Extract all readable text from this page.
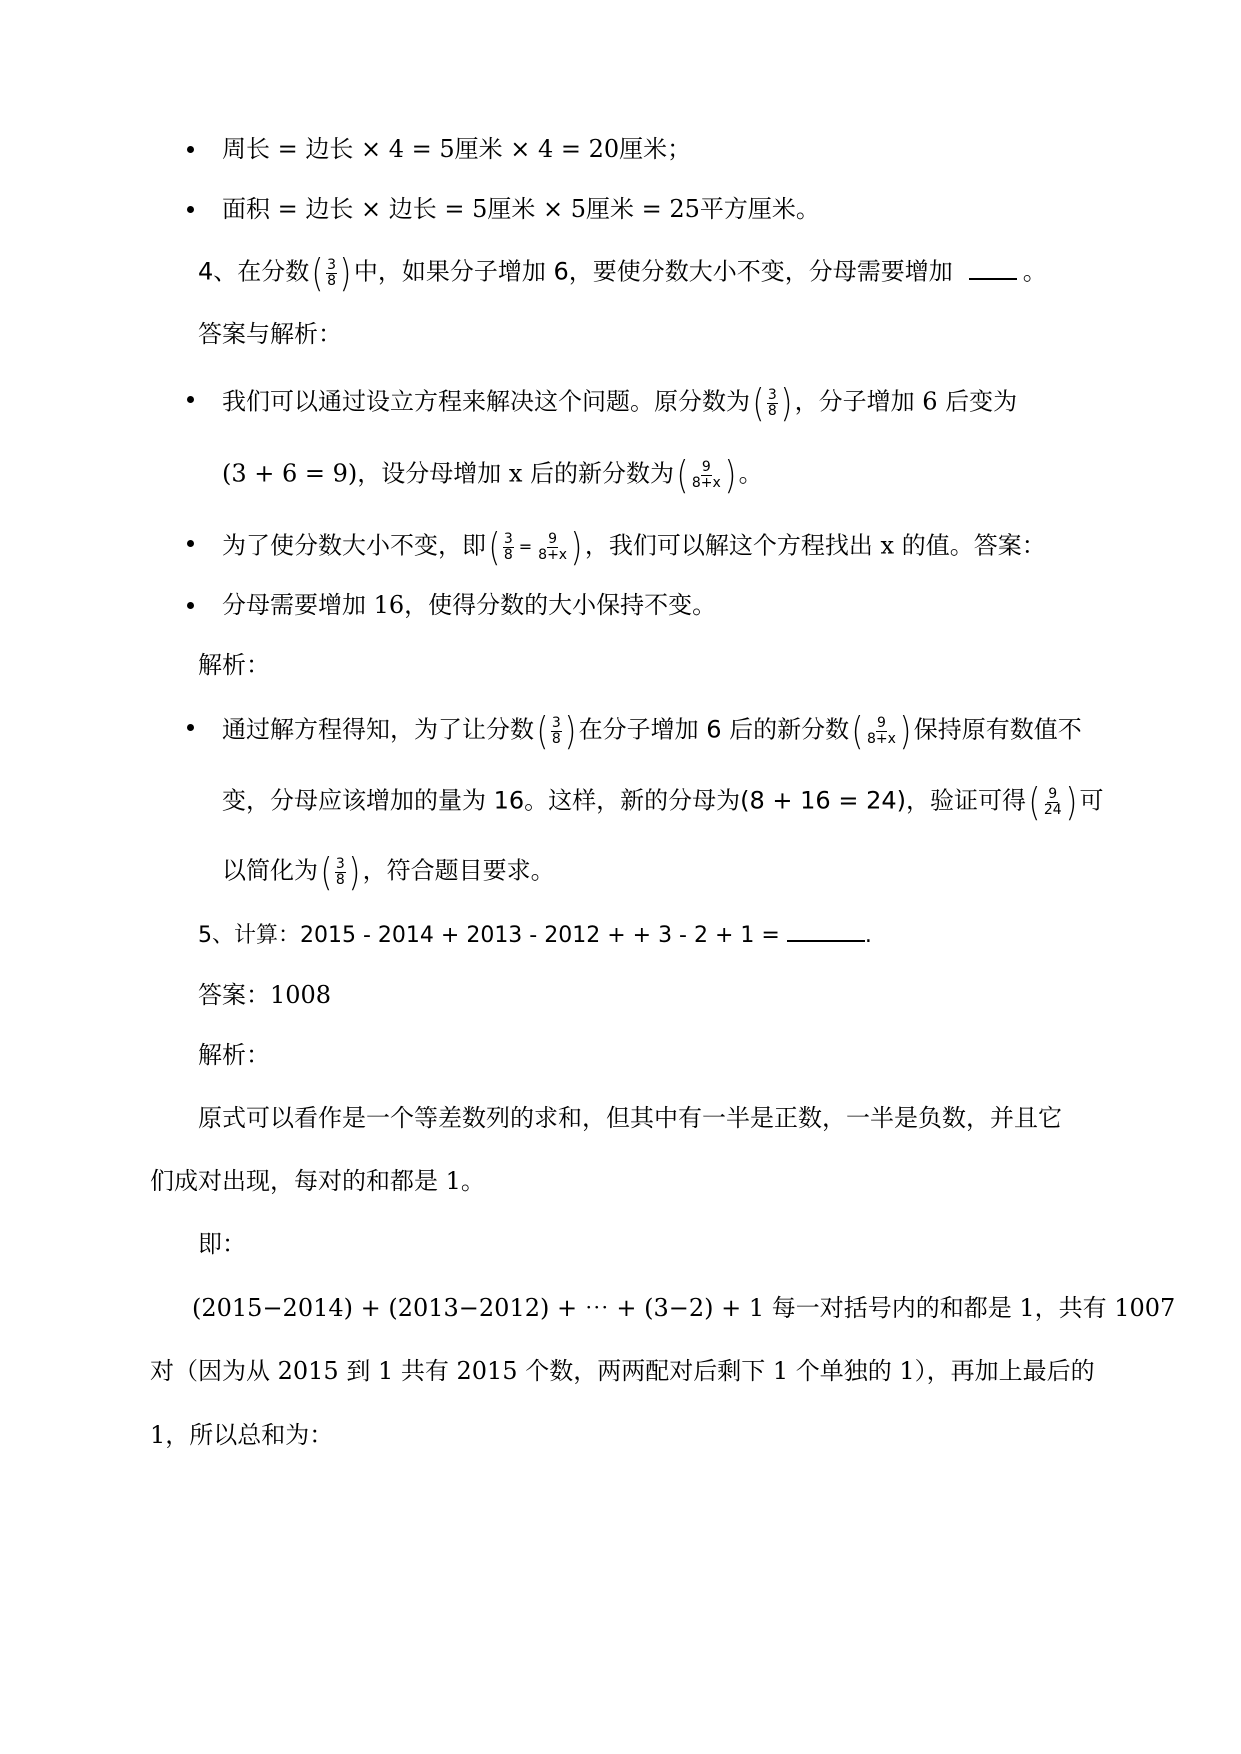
周长 = 边长 × 4 = 5厘米 × 4 = 20厘米；
面积 = 边长 × 边长 = 5厘米 × 5厘米 = 25平方厘米。
4、在分数 ( 3
8 ) 中，如果分子增加 6，要使分数大小不变，分母需要增加	。
答案与解析：
我们可以通过设立方程来解决这个问题。原分数为 ( 3
8 ) ，分子增加 6 后变为
(3 + 6 = 9)，设分母增加 x 后的新分数为 ( 9
8+x ) 。
为了使分数大小不变，即 ( $\frac{3}{8} = \frac{9}{8+x}$ ) ，我们可以解这个方程找出 x 的值。答案：
分母需要增加 16，使得分数的大小保持不变。
解析：
通过解方程得知，为了让分数 ( 3
8 ) 在分子增加 6 后的新分数 ( 9
8+x ) 保持原有数值不
变，分母应该增加的量为 16。这样，新的分母为(8 + 16 = 24)，验证可得 ( 9
24 ) 可
以简化为 ( 3
8 ) ，符合题目要求。
5、计算：2015 - 2014 + 2013 - 2012 + + 3 - 2 + 1 =	.
答案：1008
解析：
原式可以看作是一个等差数列的求和，但其中有一半是正数，一半是负数，并且它
们成对出现，每对的和都是 1。
即：
(2015−2014) + (2013−2012) + ⋯ + (3−2) + 1 每一对括号内的和都是 1，共有 1007
对（因为从 2015 到 1 共有 2015 个数，两两配对后剩下 1 个单独的 1），再加上最后的
1，所以总和为：
